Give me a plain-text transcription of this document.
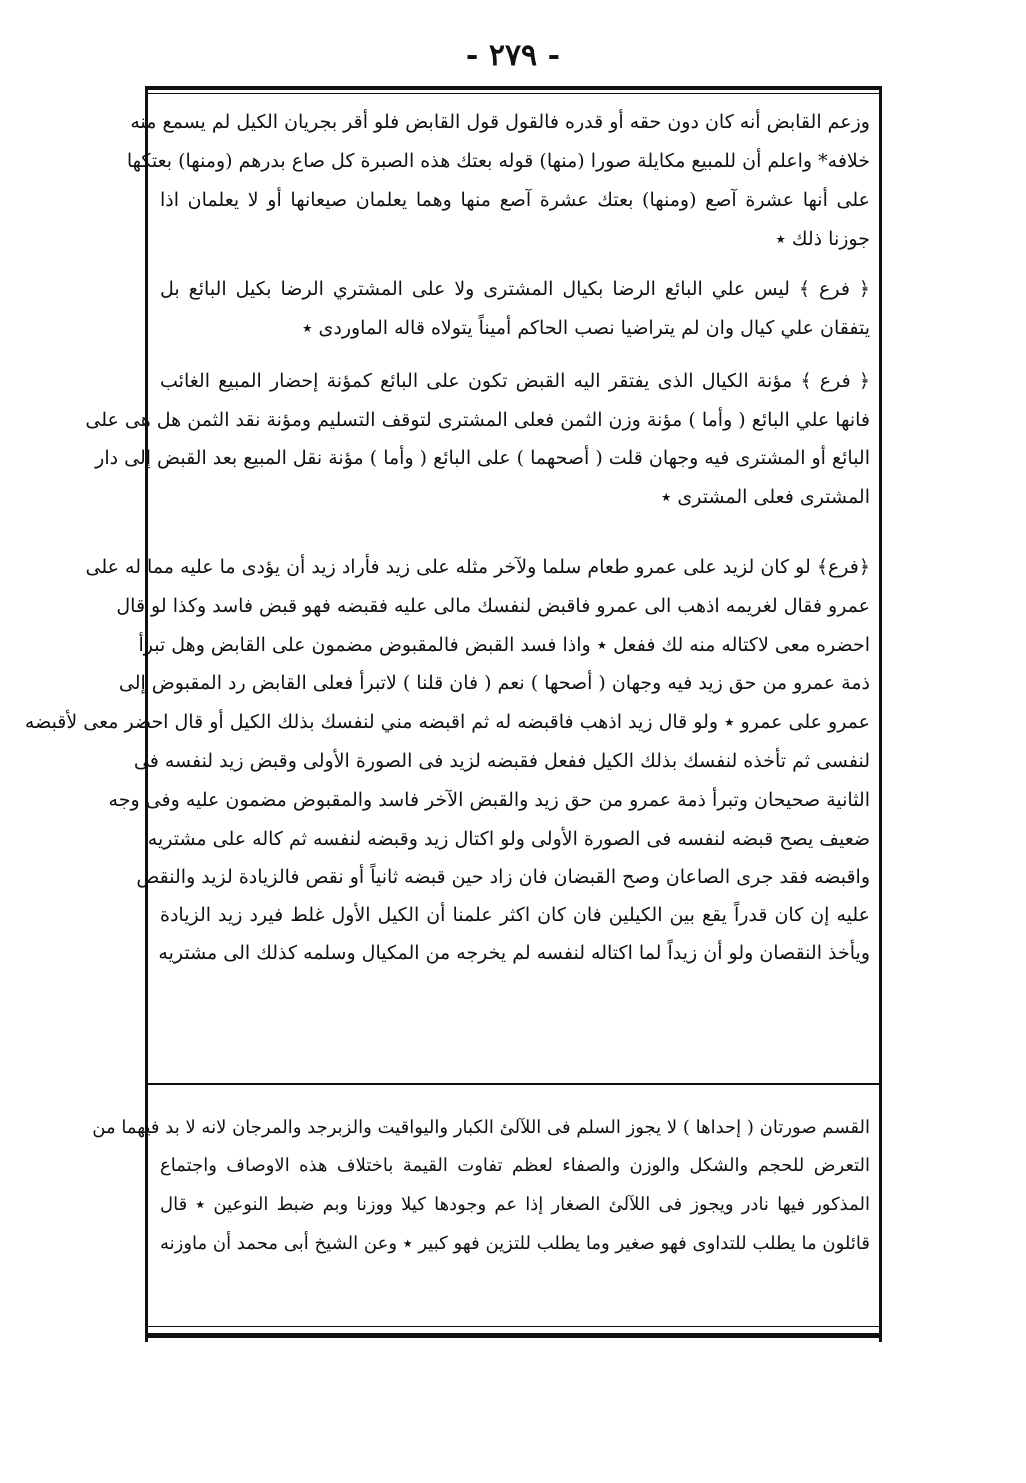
- ٢٧٩ -
وزعم القابض أنه كان دون حقه أو قدره فالقول قول القابض فلو أقر بجريان الكيل لم يسمع منه
خلافه* واعلم أن للمبيع مكايلة صورا (منها) قوله بعتك هذه الصبرة كل صاع بدرهم (ومنها) بعتكها
على أنها عشرة آصع (ومنها) بعتك عشرة آصع منها وهما يعلمان صيعانها أو لا يعلمان اذا
جوزنا ذلك ٭
﴿ فرع ﴾ ليس علي البائع الرضا بكيال المشترى ولا على المشتري الرضا بكيل البائع بل
يتفقان علي كيال وان لم يتراضيا نصب الحاكم أميناً يتولاه قاله الماوردى ٭
﴿ فرع ﴾ مؤنة الكيال الذى يفتقر اليه القبض تكون على البائع كمؤنة إحضار المبيع الغائب
فانها علي البائع ( وأما ) مؤنة وزن الثمن فعلى المشترى لتوقف التسليم ومؤنة نقد الثمن هل هى على
البائع أو المشترى فيه وجهان قلت ( أصحهما ) على البائع ( وأما ) مؤنة نقل المبيع بعد القبض إلى دار
المشترى فعلى المشترى ٭
﴿فرع﴾ لو كان لزيد على عمرو طعام سلما ولآخر مثله على زيد فأراد زيد أن يؤدى ما عليه مما له على
عمرو فقال لغريمه اذهب الى عمرو فاقبض لنفسك مالى عليه فقبضه فهو قبض فاسد وكذا لو قال
احضره معى لاكتاله منه لك ففعل ٭ واذا فسد القبض فالمقبوض مضمون على القابض وهل تبرأ
ذمة عمرو من حق زيد فيه وجهان ( أصحها ) نعم ( فان قلنا ) لاتبرأ فعلى القابض رد المقبوض إلى
عمرو على عمرو ٭ ولو قال زيد اذهب فاقبضه له ثم اقبضه مني لنفسك بذلك الكيل أو قال احضر معى لأقبضه
لنفسى ثم تأخذه لنفسك بذلك الكيل ففعل فقبضه لزيد فى الصورة الأولى وقبض زيد لنفسه فى
الثانية صحيحان وتبرأ ذمة عمرو من حق زيد والقبض الآخر فاسد والمقبوض مضمون عليه وفى وجه
ضعيف يصح قبضه لنفسه فى الصورة الأولى ولو اكتال زيد وقبضه لنفسه ثم كاله على مشتريه
واقبضه فقد جرى الصاعان وصح القبضان فان زاد حين قبضه ثانياً أو نقص فالزيادة لزيد والنقص
عليه إن كان قدراً يقع بين الكيلين فان كان اكثر علمنا أن الكيل الأول غلط فيرد زيد الزيادة
ويأخذ النقصان ولو أن زيداً لما اكتاله لنفسه لم يخرجه من المكيال وسلمه كذلك الى مشتريه
القسم صورتان ( إحداها ) لا يجوز السلم فى اللآلئ الكبار واليواقيت والزبرجد والمرجان لانه لا بد فيهما من
التعرض للحجم والشكل والوزن والصفاء لعظم تفاوت القيمة باختلاف هذه الاوصاف واجتماع
المذكور فيها نادر ويجوز فى اللآلئ الصغار إذا عم وجودها كيلا ووزنا وبم ضبط النوعين ٭ قال
قائلون ما يطلب للتداوى فهو صغير وما يطلب للتزين فهو كبير ٭ وعن الشيخ أبى محمد أن ماوزنه
